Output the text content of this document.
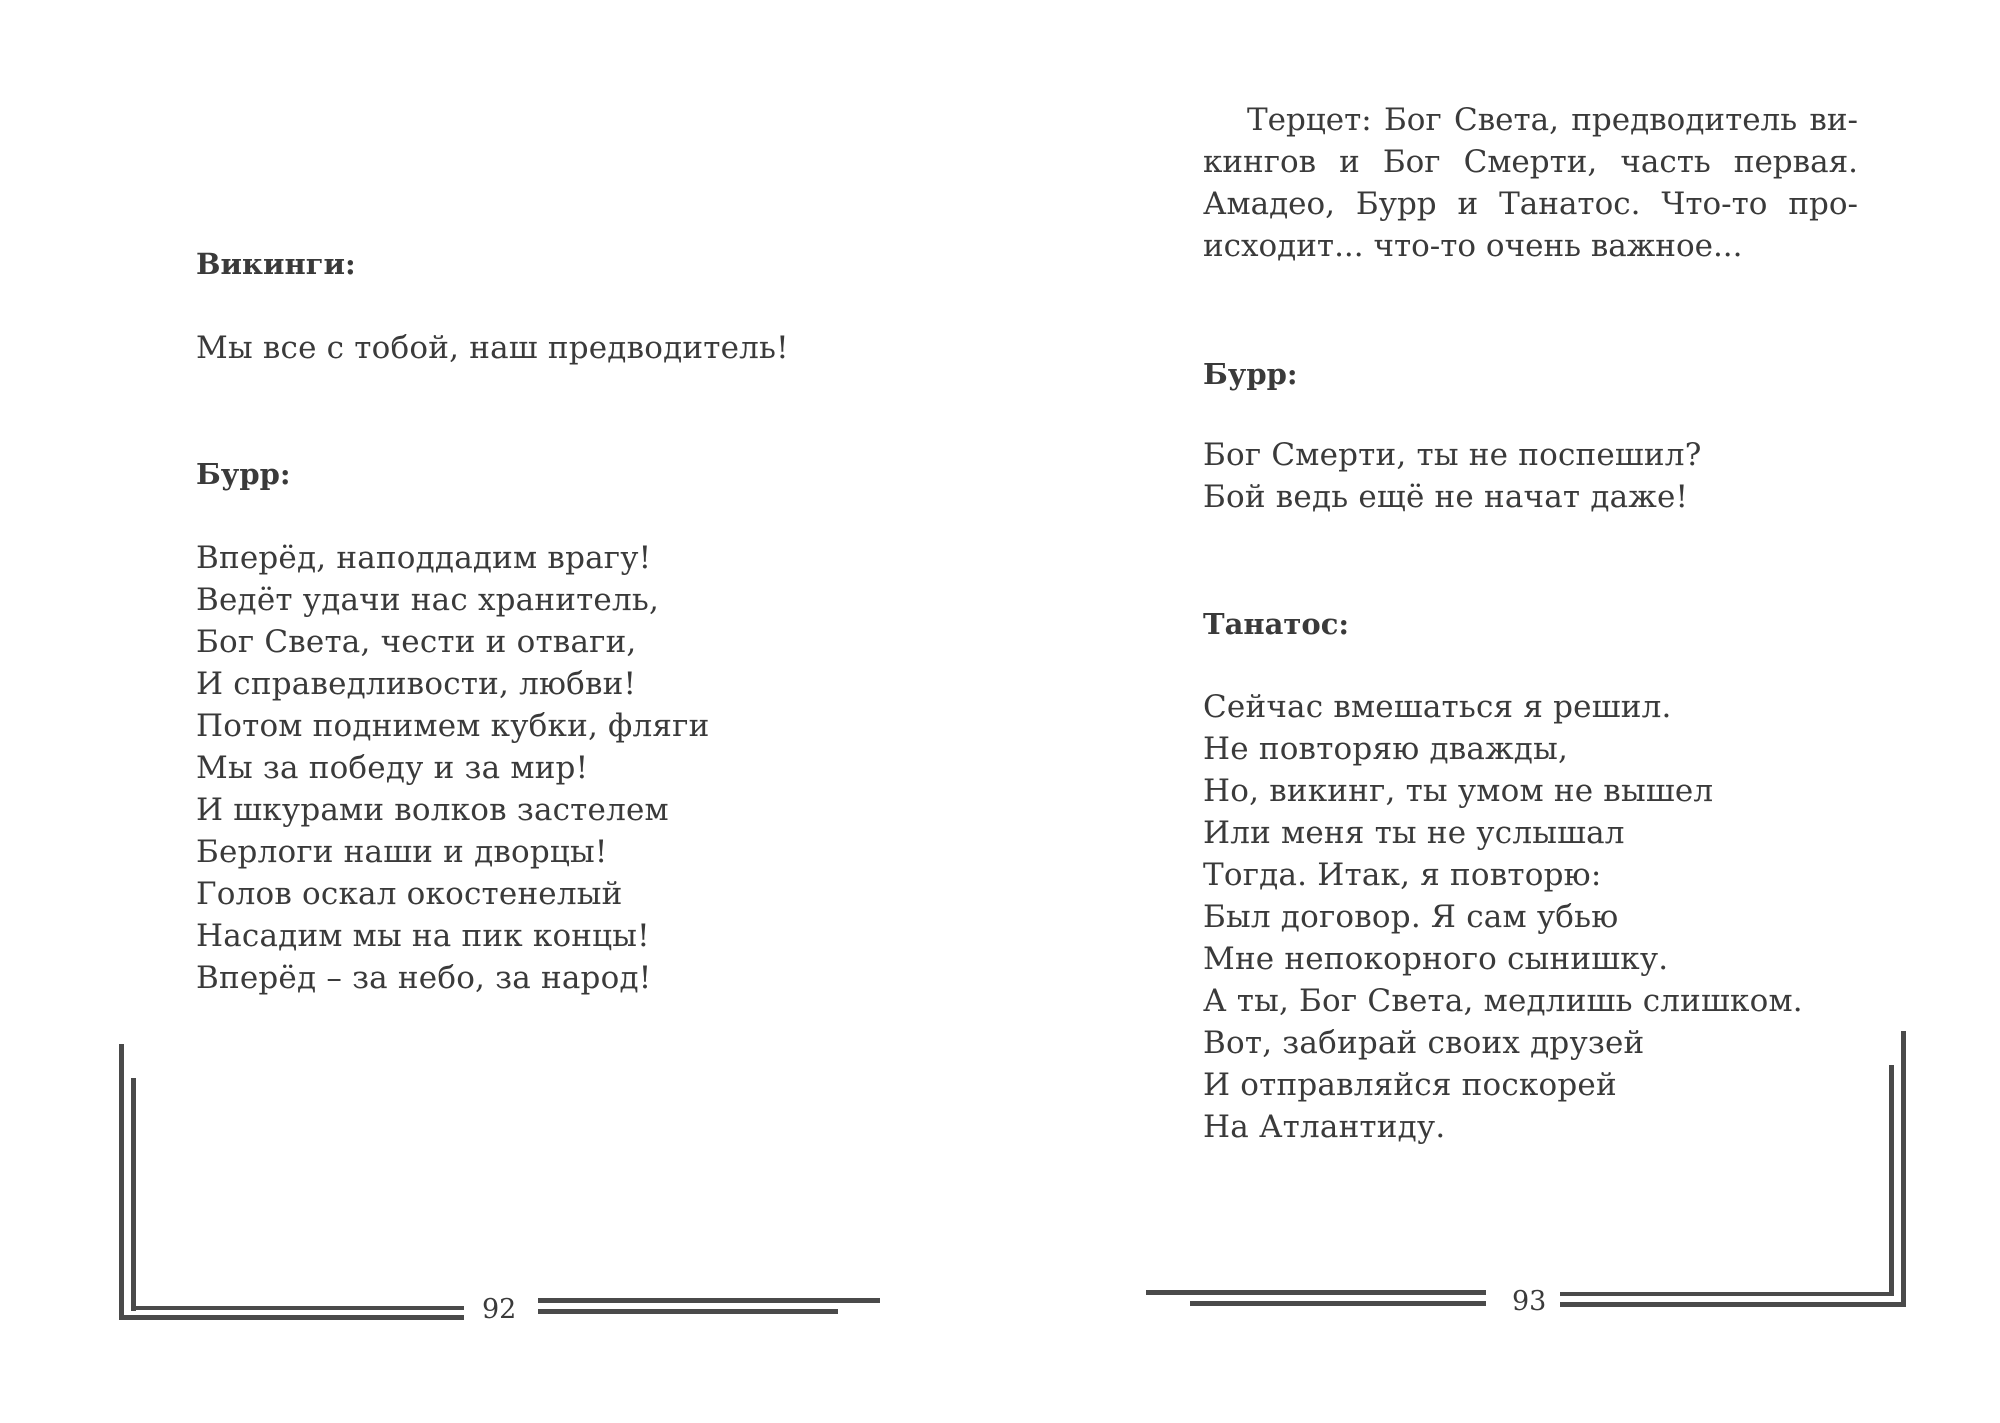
Викинги:
Мы все с тобой, наш предводитель!
Бурр:
Вперёд, наподдадим врагу!
Ведёт удачи нас хранитель,
Бог Света, чести и отваги,
И справедливости, любви!
Потом поднимем кубки, фляги
Мы за победу и за мир!
И шкурами волков застелем
Берлоги наши и дворцы!
Голов оскал окостенелый
Насадим мы на пик концы!
Вперёд – за небо, за народ!
92
Терцет: Бог Света, предводитель ви-
кингов и Бог Смерти, часть первая.
Амадео, Бурр и Танатос. Что-то про-
исходит... что-то очень важное...
Бурр:
Бог Смерти, ты не поспешил?
Бой ведь ещё не начат даже!
Танатос:
Сейчас вмешаться я решил.
Не повторяю дважды,
Но, викинг, ты умом не вышел
Или меня ты не услышал
Тогда. Итак, я повторю:
Был договор. Я сам убью
Мне непокорного сынишку.
А ты, Бог Света, медлишь слишком.
Вот, забирай своих друзей
И отправляйся поскорей
На Атлантиду.
93
